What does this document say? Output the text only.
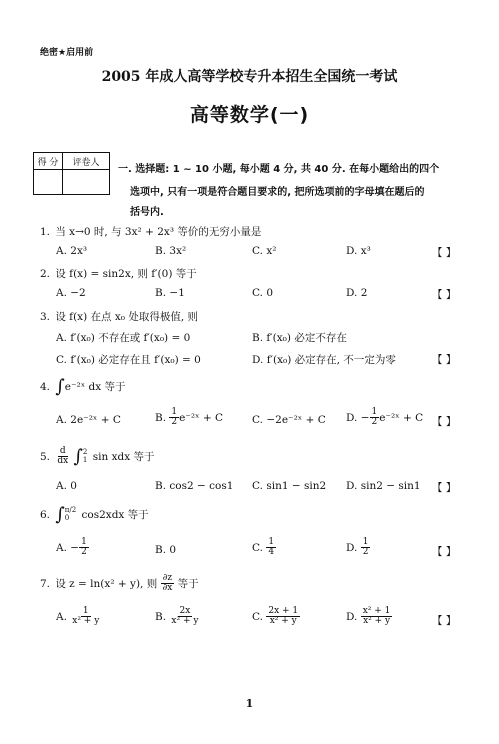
绝密★启用前
2005 年成人高等学校专升本招生全国统一考试
高等数学(一)
得 分	评卷人

一. 选择题: 1 ~ 10 小题, 每小题 4 分, 共 40 分. 在每小题给出的四个
选项中, 只有一项是符合题目要求的, 把所选项前的字母填在题后的
括号内.
1. 当 x→0 时, 与 3x² + 2x³ 等价的无穷小量是
A. 2x³	B. 3x²	C. x²	D. x³	【 】
2. 设 f(x) = sin2x, 则 f′(0) 等于
A. −2	B. −1	C. 0	D. 2	【 】
3. 设 f(x) 在点 x₀ 处取得极值, 则
A. f′(x₀) 不存在或 f′(x₀) = 0	B. f′(x₀) 必定不存在
C. f′(x₀) 必定存在且 f′(x₀) = 0	D. f′(x₀) 必定存在, 不一定为零	【 】
4. ∫e⁻²ˣ dx 等于
A. 2e⁻²ˣ + C	B. $\frac{1}{2}$ e⁻²ˣ + C	C. −2e⁻²ˣ + C D. − $\frac{1}{2}$ e⁻²ˣ + C 【 】
5. $\frac{d}{dx}$ ∫ 2
1 sin xdx 等于
A. 0	B. cos2 − cos1 C. sin1 − sin2 D. sin2 − sin1 【 】
6. ∫ π/2
0	cos2xdx 等于
A. − $\frac{1}{2}$	B. 0	C. $\frac{1}{4}$	D. $\frac{1}{2}$	【 】
7. 设 z = ln(x² + y), 则 $\frac{\partial z}{\partial x}$ 等于
A. $\frac{1}{\text{x² + y}}$	B. $\frac{2x}{\text{x² + y}}$	C. $\frac{2x + 1}{\text{x² + y}}$	D. $\frac{\text{x² + 1}}{\text{x² + y}}$	【 】
1
